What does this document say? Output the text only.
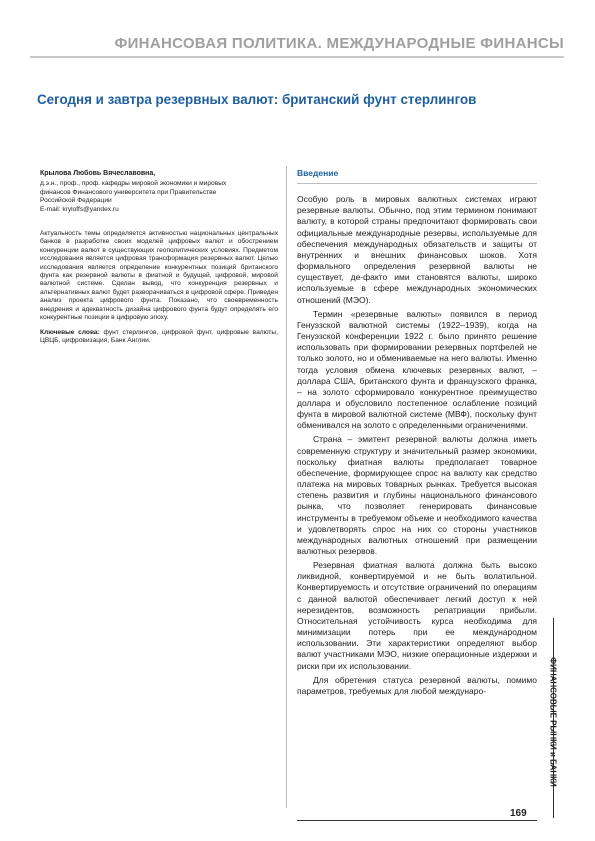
ФИНАНСОВАЯ ПОЛИТИКА. МЕЖДУНАРОДНЫЕ ФИНАНСЫ
Сегодня и завтра резервных валют: британский фунт стерлингов
Крылова Любовь Вячеславовна,

д.э.н., проф., проф. кафедры мировой экономики и мировых

финансов Финансового университета при Правительстве

Российской Федерации

E-mail: kryloffs@yandex.ru

Актуальность темы определяется активностью национальных центральных банков в разработке своих моделей цифровых валют и обострением конкуренции валют в существующих геополитических условиях. Предметом исследования является цифровая трансформация резервных валют. Целью исследования является определение конкурентных позиций британского фунта как резервной валюты в фиатной и будущей, цифровой, мировой валютной системе. Сделан вывод, что конкуренция резервных и альтернативных валют будет разворачиваться в цифровой сфере. Приведен анализ проекта цифрового фунта. Показано, что своевременность внедрения и адекватность дизайна цифрового фунта будут определять его конкурентные позиции в цифровую эпоху.

Ключевые слова: фунт стерлингов, цифровой фунт, цифровые валюты, ЦВЦБ, цифровизация, Банк Англии.
Введение

Особую роль в мировых валютных системах играют резервные валюты. Обычно, под этим термином понимают валюту, в которой страны предпочитают формировать свои официальные международные резервы, используемые для обеспечения международных обязательств и защиты от внутренних и внешних финансовых шоков. Хотя формального определения резервной валюты не существует, де-факто ими становятся валюты, широко используемые в сфере международных экономических отношений (МЭО).

Термин «резервные валюты» появился в период Генуэзской валютной системы (1922–1939), когда на Генуэзской конференции 1922 г. было принято решение использовать при формировании резервных портфелей не только золото, но и обмениваемые на него валюты. Именно тогда условия обмена ключевых резервных валют, – доллара США, британского фунта и французского франка, – на золото сформировало конкурентное преимущество доллара и обусловило постепенное ослабление позиций фунта в мировой валютной системе (МВФ), поскольку фунт обменивался на золото с определенными ограничениями.

Страна – эмитент резервной валюты должна иметь современную структуру и значительный размер экономики, поскольку фиатная валюты предполагает товарное обеспечение, формирующее спрос на валюту как средство платежа на мировых товарных рынках. Требуется высокая степень развития и глубины национального финансового рынка, что позволяет генерировать финансовые инструменты в требуемом объеме и необходимого качества и удовлетворять спрос на них со стороны участников международных валютных отношений при размещении валютных резервов.

Резервная фиатная валюта должна быть высоко ликвидной, конвертируемой и не быть волатильной. Конвертируемость и отсутствие ограничений по операциям с данной валютой обеспечивает легкий доступ к ней нерезидентов, возможность репатриации прибыли. Относительная устойчивость курса необходима для минимизации потерь при ее международном использовании. Эти характеристики определяют выбор валют участниками МЭО, низкие операционные издержки и риски при их использовании.

Для обретения статуса резервной валюты, помимо параметров, требуемых для любой междунаро-	ФИНАНСОВЫЕ РЫНКИ и БАНКИ
169
